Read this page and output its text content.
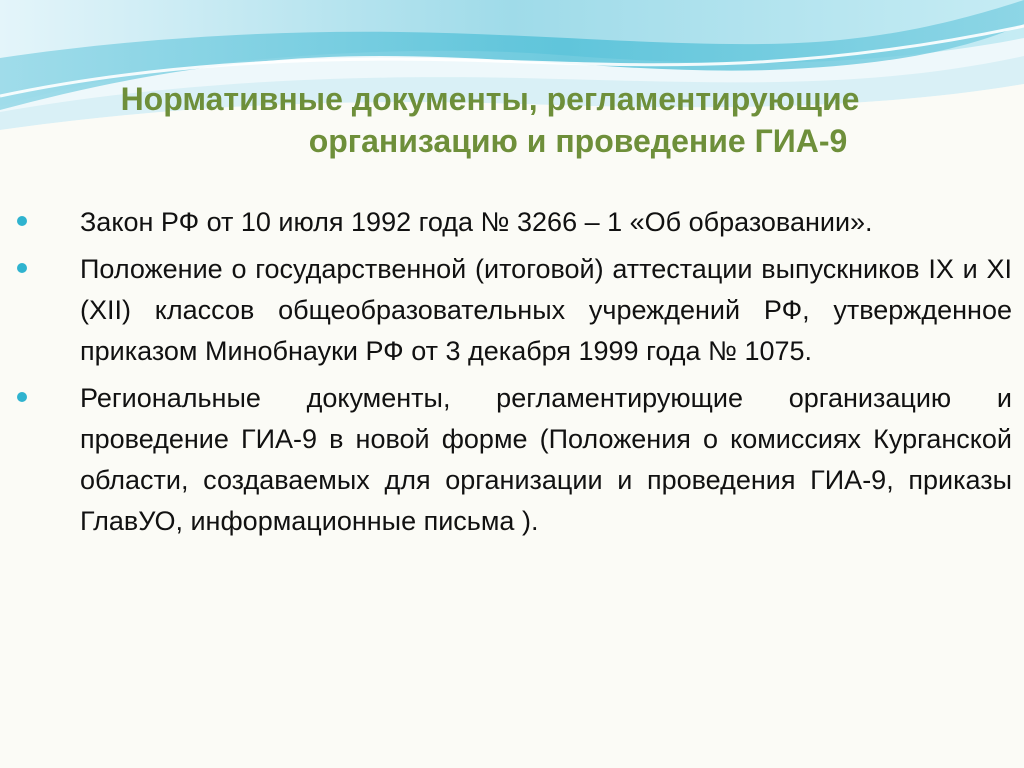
Нормативные документы, регламентирующие
организацию и проведение ГИА-9
Закон РФ от 10 июля 1992 года № 3266 – 1 «Об образовании».
Положение о государственной (итоговой) аттестации выпускников IX и XI (XII) классов общеобразовательных учреждений РФ, утвержденное приказом Минобнауки РФ от 3 декабря 1999 года № 1075.
Региональные документы, регламентирующие организацию и проведение ГИА-9 в новой форме (Положения о комиссиях Курганской области, создаваемых для организации и проведения ГИА-9, приказы ГлавУО, информационные письма ).
